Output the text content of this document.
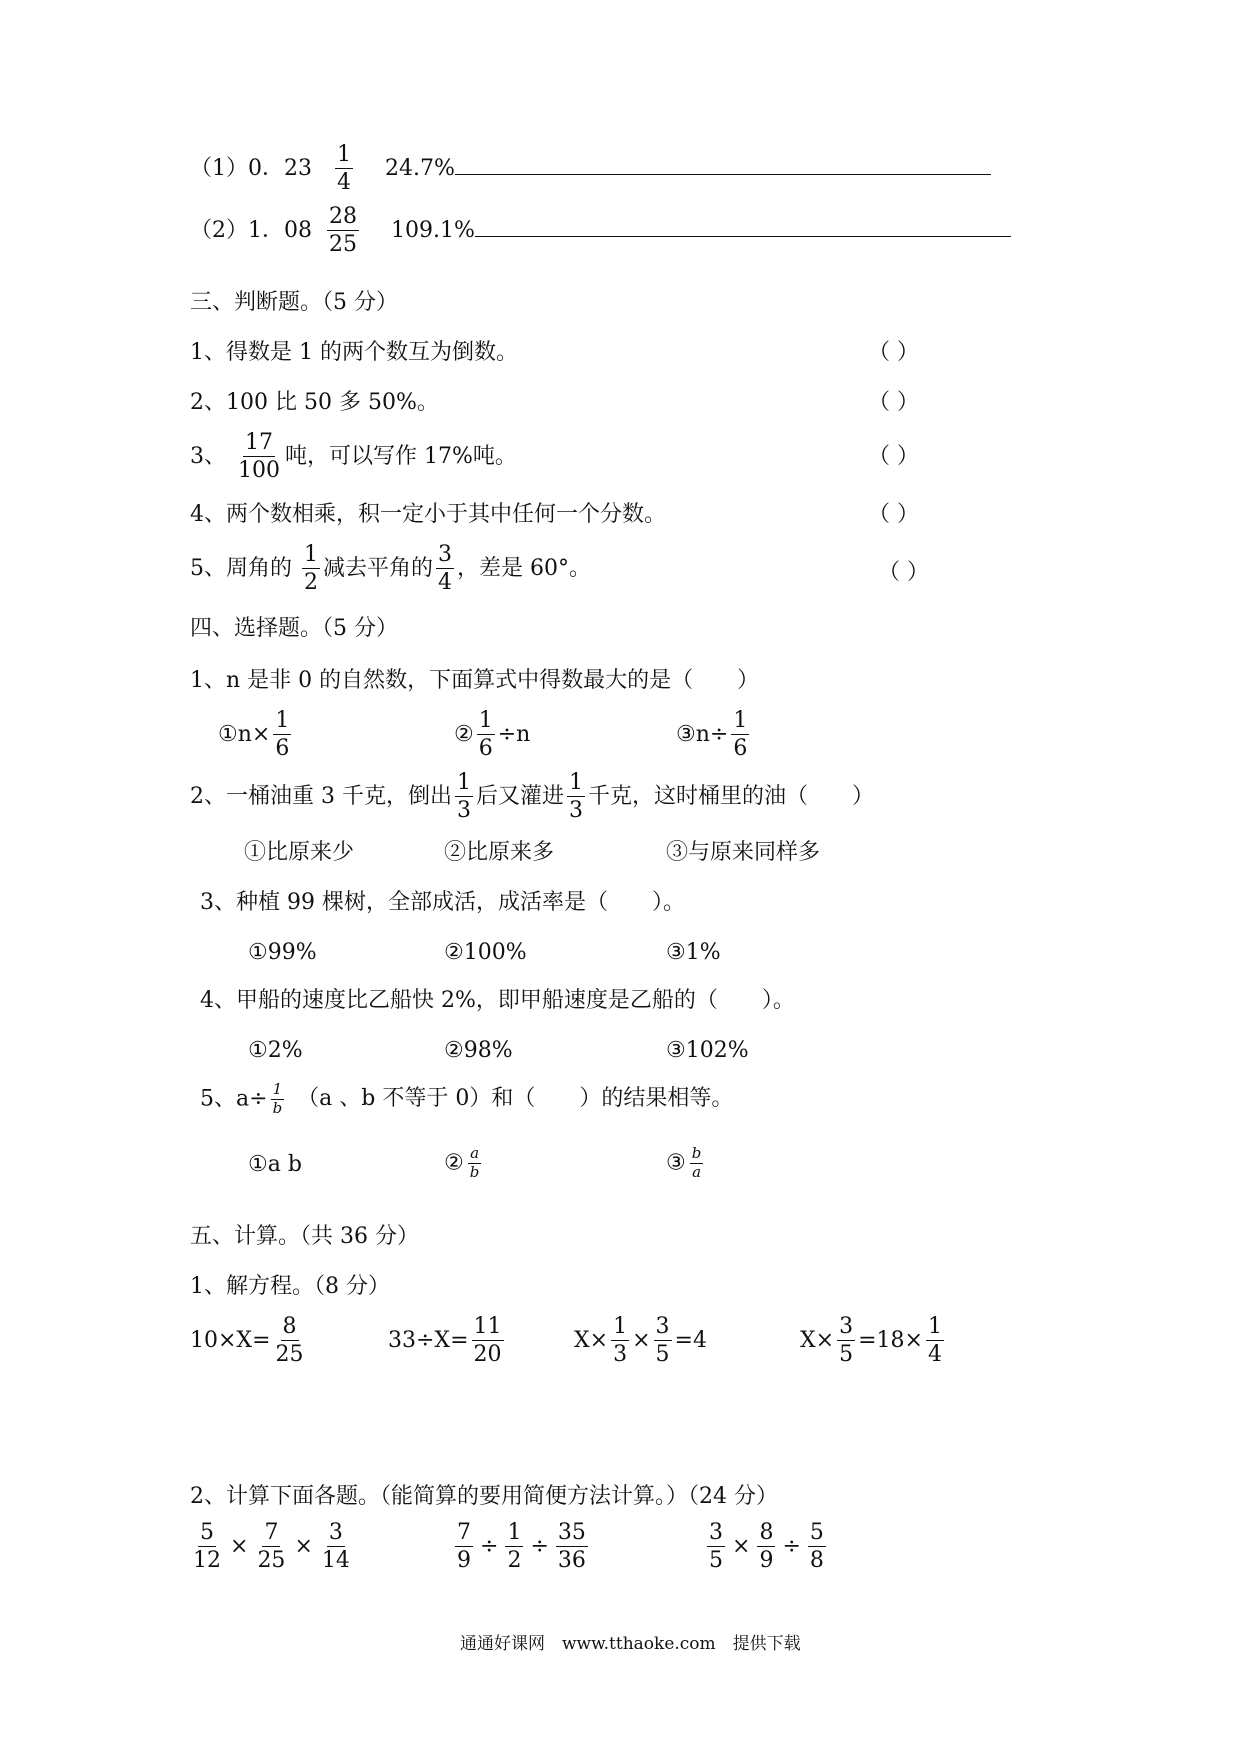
（1）0．$23 \frac{1}{4} 24.7\%$
（2）1．$08 \frac{28}{25} 109.1\%$
三、判断题。（5 分）
1、得数是 1 的两个数互为倒数。	（ ）
2、100 比 50 多 50%。	（ ）
3、 $\frac{17}{100}$ 吨，可以写作 17%吨。	（ ）
4、两个数相乘，积一定小于其中任何一个分数。	（ ）
5、周角的 $\frac{1}{2}$ 减去平角的 $\frac{3}{4}$ ，差是 60°。	（ ）
四、选择题。（5 分）
1、n 是非 0 的自然数，下面算式中得数最大的是（　　）
①n× $\frac{1}{6}$	② $\frac{1}{6} \div n$	③n÷ $\frac{1}{6}$
2、一桶油重 3 千克，倒出 $\frac{1}{3}$ 后又灌进 $\frac{1}{3}$ 千克，这时桶里的油（　　）
①比原来少	②比原来多	③与原来同样多
3、种植 99 棵树，全部成活，成活率是（　　）。
①99%	②100%	③1%
4、甲船的速度比乙船快 2%，即甲船速度是乙船的（　　）。
①2%	②98%	③102%
5、$a\div \frac{1}{b} (a$ 、b 不等于 0）和（　　）的结果相等。
①a b	② $\frac{a}{b}$	③ $\frac{b}{a}$
五、计算。（共 36 分）
1、解方程。（8 分）
$10\times X= \frac{8}{25}$	$33\div X= \frac{11}{20}$	$X\times \frac{1}{3} \times \frac{3}{5} =4$	$X\times \frac{3}{5} =18\times \frac{1}{4}$
2、计算下面各题。（能简算的要用简便方法计算。）（24 分）
$\frac{5}{12} \times \frac{7}{25} \times \frac{3}{14}$	$\frac{7}{9} \div \frac{1}{2} \div \frac{35}{36}$	$\frac{3}{5} \times \frac{8}{9} \div \frac{5}{8}$
通通好课网　www.tthaoke.com　提供下载
